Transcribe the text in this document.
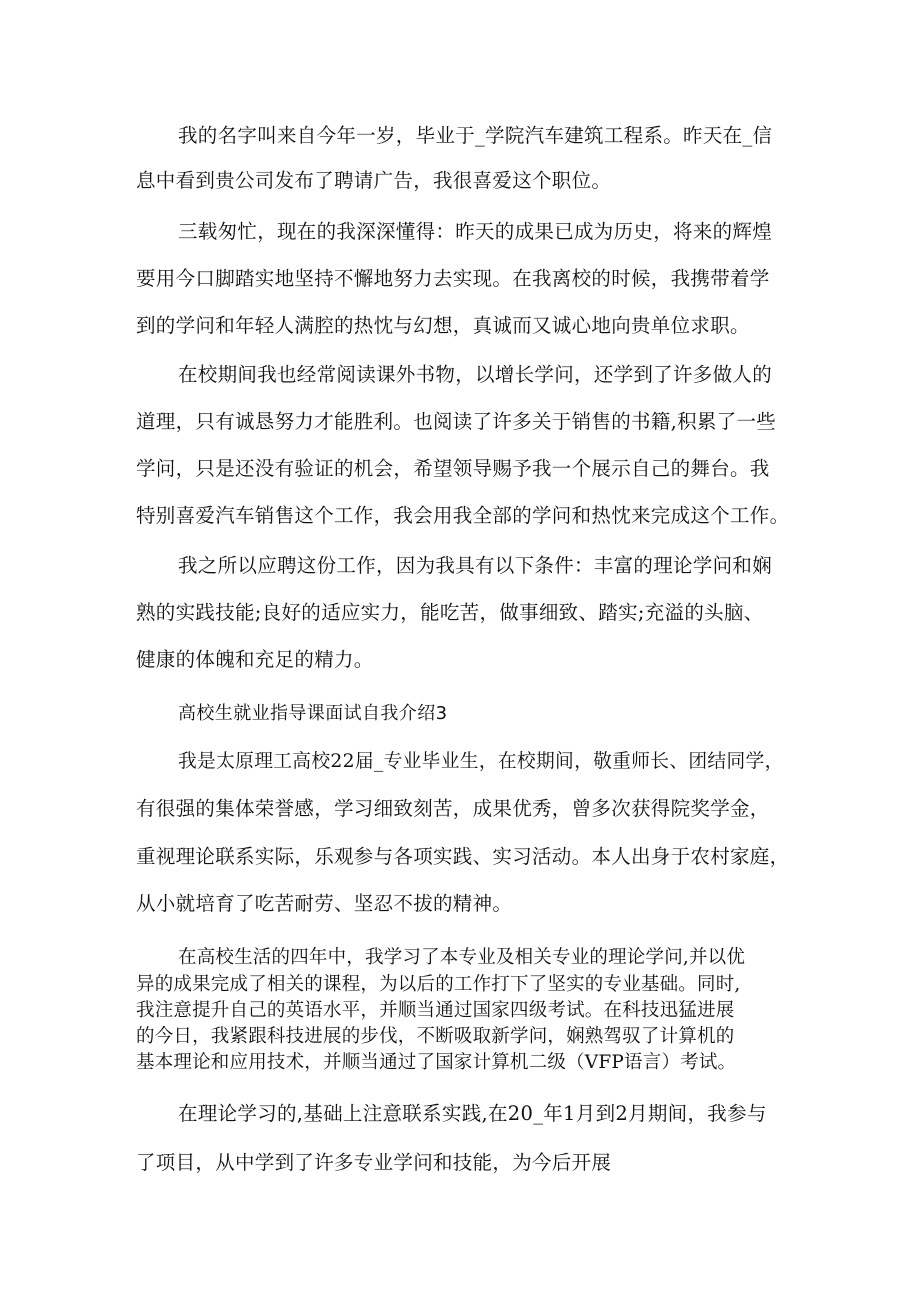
我的名字叫来自今年一岁，毕业于_学院汽车建筑工程系。昨天在_信
息中看到贵公司发布了聘请广告，我很喜爱这个职位。
三载匆忙，现在的我深深懂得：昨天的成果已成为历史，将来的辉煌
要用今口脚踏实地坚持不懈地努力去实现。在我离校的时候，我携带着学
到的学问和年轻人满腔的热忱与幻想，真诚而又诚心地向贵单位求职。
在校期间我也经常阅读课外书物，以增长学问，还学到了许多做人的
道理，只有诚恳努力才能胜利。也阅读了许多关于销售的书籍,积累了一些
学问，只是还没有验证的机会，希望领导赐予我一个展示自己的舞台。我
特别喜爱汽车销售这个工作，我会用我全部的学问和热忱来完成这个工作。
我之所以应聘这份工作，因为我具有以下条件：丰富的理论学问和娴
熟的实践技能;良好的适应实力，能吃苦，做事细致、踏实;充溢的头脑、
健康的体魄和充足的精力。
高校生就业指导课面试自我介绍3
我是太原理工高校22届_专业毕业生，在校期间，敬重师长、团结同学，
有很强的集体荣誉感，学习细致刻苦，成果优秀，曾多次获得院奖学金，
重视理论联系实际，乐观参与各项实践、实习活动。本人出身于农村家庭，
从小就培育了吃苦耐劳、坚忍不拔的精神。
在高校生活的四年中，我学习了本专业及相关专业的理论学问,并以优
异的成果完成了相关的课程，为以后的工作打下了坚实的专业基础。同时,
我注意提升自己的英语水平，并顺当通过国家四级考试。在科技迅猛进展
的今日，我紧跟科技进展的步伐，不断吸取新学问，娴熟驾驭了计算机的
基本理论和应用技术，并顺当通过了国家计算机二级（VFP语言）考试。
在理论学习的,基础上注意联系实践,在20_年1月到2月期间，我参与
了项目，从中学到了许多专业学问和技能，为今后开展
